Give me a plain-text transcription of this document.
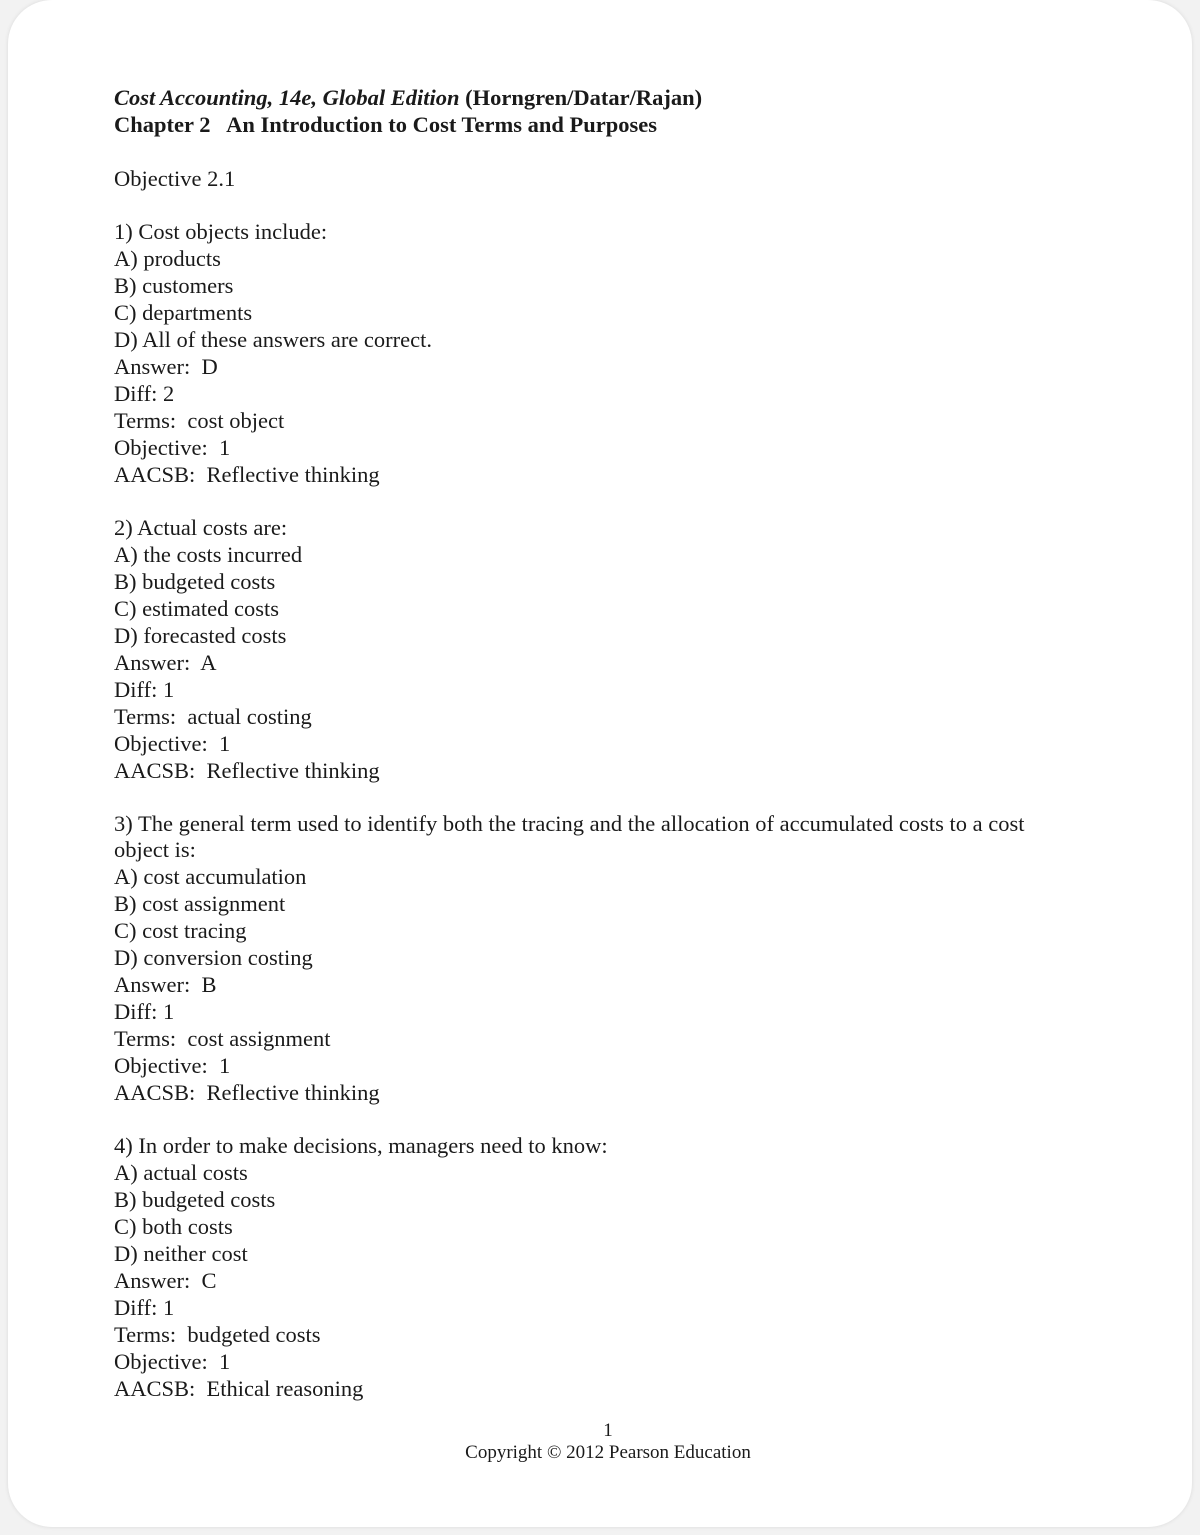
Cost Accounting, 14e, Global Edition (Horngren/Datar/Rajan)
Chapter 2   An Introduction to Cost Terms and Purposes
Objective 2.1
1) Cost objects include:
A) products
B) customers
C) departments
D) All of these answers are correct.
Answer:  D
Diff: 2
Terms:  cost object
Objective:  1
AACSB:  Reflective thinking
2) Actual costs are:
A) the costs incurred
B) budgeted costs
C) estimated costs
D) forecasted costs
Answer:  A
Diff: 1
Terms:  actual costing
Objective:  1
AACSB:  Reflective thinking
3) The general term used to identify both the tracing and the allocation of accumulated costs to a cost object is:
A) cost accumulation
B) cost assignment
C) cost tracing
D) conversion costing
Answer:  B
Diff: 1
Terms:  cost assignment
Objective:  1
AACSB:  Reflective thinking
4) In order to make decisions, managers need to know:
A) actual costs
B) budgeted costs
C) both costs
D) neither cost
Answer:  C
Diff: 1
Terms:  budgeted costs
Objective:  1
AACSB:  Ethical reasoning
1
Copyright © 2012 Pearson Education
